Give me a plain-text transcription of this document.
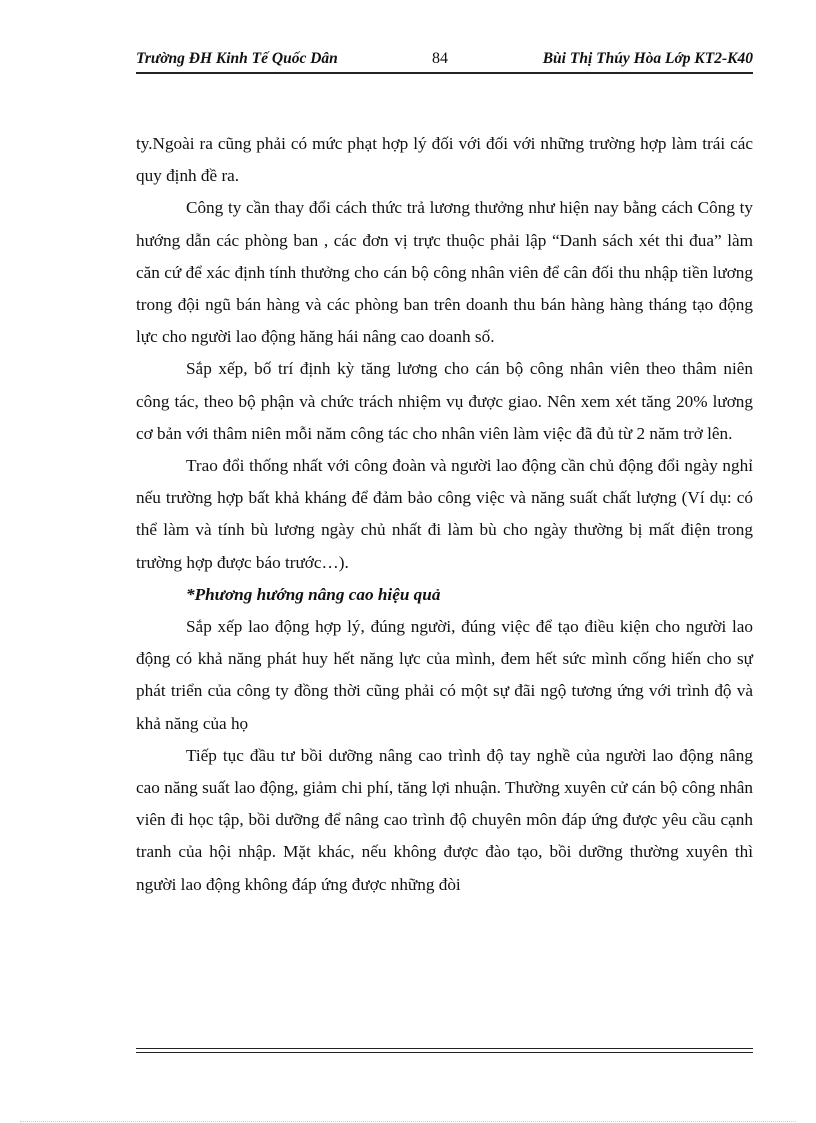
Trường ĐH Kinh Tế Quốc Dân	84	Bùi Thị Thúy Hòa Lớp KT2-K40

ty.Ngoài ra cũng phải có mức phạt hợp lý đối với đối với những trường hợp làm trái các quy định đề ra.

Công ty cần thay đổi cách thức trả lương thưởng như hiện nay bằng cách Công ty hướng dẫn các phòng ban , các đơn vị trực thuộc phải lập “Danh sách xét thi đua” làm căn cứ để xác định tính thưởng cho cán bộ công nhân viên để cân đối thu nhập tiền lương trong đội ngũ bán hàng và các phòng ban trên doanh thu bán hàng hàng tháng tạo động lực cho người lao động hăng hái nâng cao doanh số.

Sắp xếp, bố trí định kỳ tăng lương cho cán bộ công nhân viên theo thâm niên công tác, theo bộ phận và chức trách nhiệm vụ được giao. Nên xem xét tăng 20% lương cơ bản với thâm niên mỗi năm công tác cho nhân viên làm việc đã đủ từ 2 năm trở lên.

Trao đổi thống nhất với công đoàn và người lao động cần chủ động đổi ngày nghỉ nếu trường hợp bất khả kháng để đảm bảo công việc và năng suất chất lượng (Ví dụ: có thể làm và tính bù lương ngày chủ nhất đi làm bù cho ngày thường bị mất điện trong trường hợp được báo trước…).

*Phương hướng nâng cao hiệu quả

Sắp xếp lao động hợp lý, đúng người, đúng việc để tạo điều kiện cho người lao động có khả năng phát huy hết năng lực của mình, đem hết sức mình cống hiến cho sự phát triển của công ty đồng thời cũng phải có một sự đãi ngộ tương ứng với trình độ và khả năng của họ

Tiếp tục đầu tư bồi dưỡng nâng cao trình độ tay nghề của người lao động nâng cao năng suất lao động, giảm chi phí, tăng lợi nhuận. Thường xuyên cử cán bộ công nhân viên đi học tập, bồi dưỡng để nâng cao trình độ chuyên môn đáp ứng được yêu cầu cạnh tranh của hội nhập. Mặt khác, nếu không được đào tạo, bồi dưỡng thường xuyên thì người lao động không đáp ứng được những đòi
